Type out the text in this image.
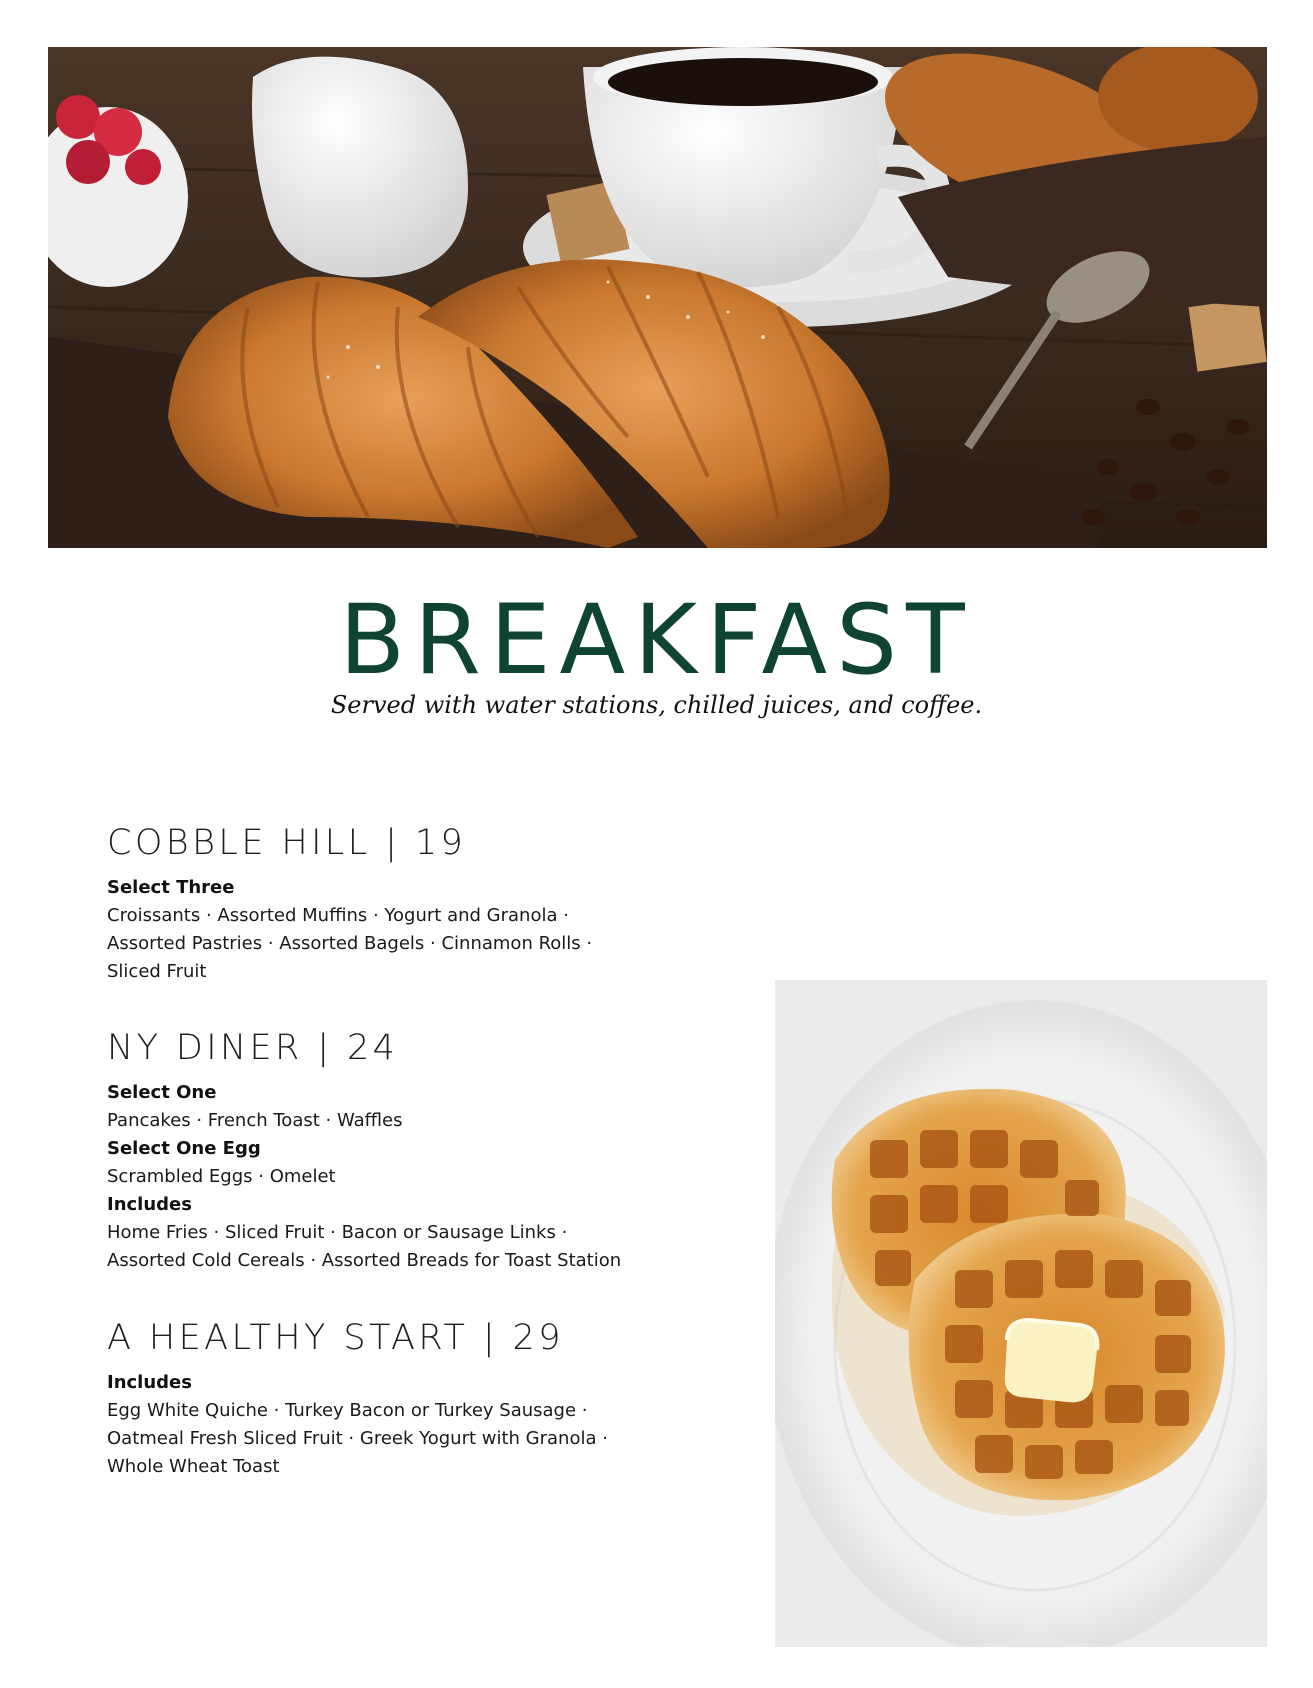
BREAKFAST
Served with water stations, chilled juices, and coffee.
COBBLE HILL | 19

Select Three

Croissants · Assorted Muffins · Yogurt and Granola ·

Assorted Pastries · Assorted Bagels · Cinnamon Rolls ·

Sliced Fruit

NY DINER | 24

Select One

Pancakes · French Toast · Waffles

Select One Egg

Scrambled Eggs · Omelet

Includes

Home Fries · Sliced Fruit · Bacon or Sausage Links ·

Assorted Cold Cereals · Assorted Breads for Toast Station

A HEALTHY START | 29

Includes

Egg White Quiche · Turkey Bacon or Turkey Sausage ·

Oatmeal Fresh Sliced Fruit · Greek Yogurt with Granola ·

Whole Wheat Toast
